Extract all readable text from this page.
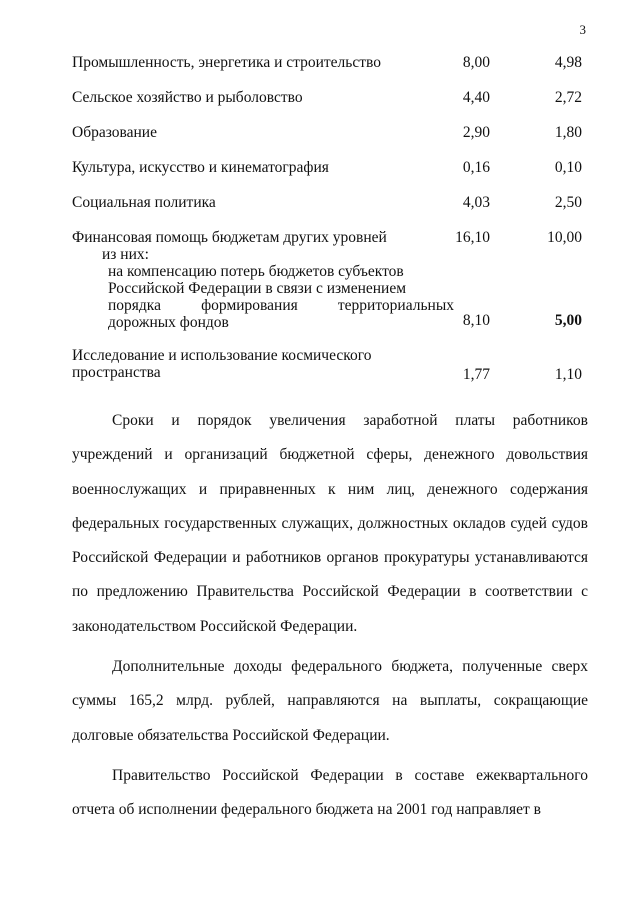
3
Промышленность, энергетика и строительство	8,00	4,98
Сельское хозяйство и рыболовство	4,40	2,72
Образование	2,90	1,80
Культура, искусство и кинематография	0,16	0,10
Социальная политика	4,03	2,50
Финансовая помощь бюджетам других уровней	16,10	10,00
из них:
на компенсацию потерь бюджетов субъектов
Российской Федерации в связи с изменением
порядка формирования территориальных
дорожных фондов	8,10	5,00
Исследование и использование космического
пространства	1,77	1,10

Сроки и порядок увеличения заработной платы работников учреждений и организаций бюджетной сферы, денежного довольствия военнослужащих и приравненных к ним лиц, денежного содержания федеральных государственных служащих, должностных окладов судей судов Российской Федерации и работников органов прокуратуры устанавливаются по предложению Правительства Российской Федерации в соответствии с законодательством Российской Федерации.

Дополнительные доходы федерального бюджета, полученные сверх суммы 165,2 млрд. рублей, направляются на выплаты, сокращающие долговые обязательства Российской Федерации.

Правительство Российской Федерации в составе ежеквартального отчета об исполнении федерального бюджета на 2001 год направляет в
